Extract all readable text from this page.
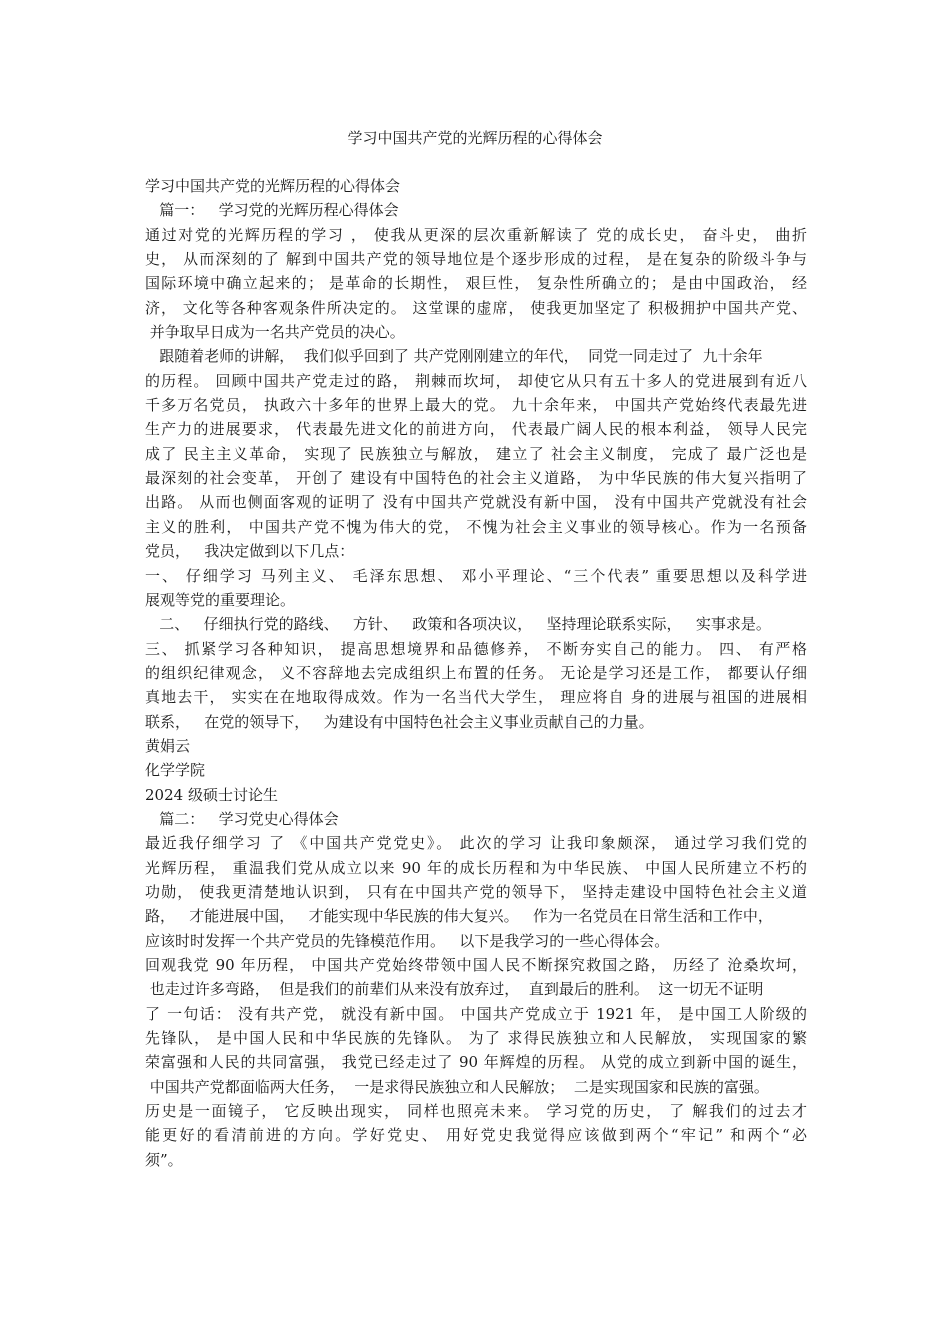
学习中国共产党的光辉历程的心得体会
学习中国共产党的光辉历程的心得体会
篇一：   学习党的光辉历程心得体会
通过对党的光辉历程的学习 ， 使我从更深的层次重新解读了 党的成长史， 奋斗史， 曲折
史， 从而深刻的了 解到中国共产党的领导地位是个逐步形成的过程， 是在复杂的阶级斗争与
国际环境中确立起来的； 是革命的长期性， 艰巨性， 复杂性所确立的； 是由中国政治， 经
济， 文化等各种客观条件所决定的。 这堂课的虚席， 使我更加坚定了 积极拥护中国共产党、
并争取早日成为一名共产党员的决心。
跟随着老师的讲解，  我们似乎回到了 共产党刚刚建立的年代，  同党一同走过了  九十余年
的历程。 回顾中国共产党走过的路， 荆棘而坎坷， 却使它从只有五十多人的党进展到有近八
千多万名党员， 执政六十多年的世界上最大的党。 九十余年来， 中国共产党始终代表最先进
生产力的进展要求， 代表最先进文化的前进方向， 代表最广阔人民的根本利益， 领导人民完
成了 民主主义革命， 实现了 民族独立与解放， 建立了 社会主义制度， 完成了 最广泛也是
最深刻的社会变革， 开创了 建设有中国特色的社会主义道路， 为中华民族的伟大复兴指明了
出路。 从而也侧面客观的证明了 没有中国共产党就没有新中国， 没有中国共产党就没有社会
主义的胜利， 中国共产党不愧为伟大的党， 不愧为社会主义事业的领导核心。作为一名预备
党员，   我决定做到以下几点：
一、 仔细学习 马列主义、 毛泽东思想、 邓小平理论、“三个代表” 重要思想以及科学进
展观等党的重要理论。
二、   仔细执行党的路线、   方针、   政策和各项决议，   坚持理论联系实际，   实事求是。
三、 抓紧学习各种知识， 提高思想境界和品德修养， 不断夯实自己的能力。 四、 有严格
的组织纪律观念， 义不容辞地去完成组织上布置的任务。 无论是学习还是工作， 都要认仔细
真地去干， 实实在在地取得成效。作为一名当代大学生， 理应将自 身的进展与祖国的进展相
联系，   在党的领导下，   为建设有中国特色社会主义事业贡献自己的力量。
黄娟云
化学学院
2024 级硕士讨论生
篇二：   学习党史心得体会
最近我仔细学习 了 《中国共产党党史》。 此次的学习 让我印象颇深， 通过学习我们党的
光辉历程， 重温我们党从成立以来 90 年的成长历程和为中华民族、 中国人民所建立不朽的
功勋， 使我更清楚地认识到， 只有在中国共产党的领导下， 坚持走建设中国特色社会主义道
路，   才能进展中国，   才能实现中华民族的伟大复兴。   作为一名党员在日常生活和工作中，
应该时时发挥一个共产党员的先锋模范作用。   以下是我学习的一些心得体会。
回观我党 90 年历程， 中国共产党始终带领中国人民不断探究救国之路， 历经了 沧桑坎坷，
也走过许多弯路，  但是我们的前辈们从来没有放弃过，  直到最后的胜利。  这一切无不证明
了 一句话： 没有共产党， 就没有新中国。 中国共产党成立于 1921 年， 是中国工人阶级的
先锋队， 是中国人民和中华民族的先锋队。 为了 求得民族独立和人民解放， 实现国家的繁
荣富强和人民的共同富强， 我党已经走过了 90 年辉煌的历程。 从党的成立到新中国的诞生，
中国共产党都面临两大任务，  一是求得民族独立和人民解放；  二是实现国家和民族的富强。
历史是一面镜子， 它反映出现实， 同样也照亮未来。 学习党的历史， 了 解我们的过去才
能更好的看清前进的方向。学好党史、 用好党史我觉得应该做到两个“牢记” 和两个“必
须”。
